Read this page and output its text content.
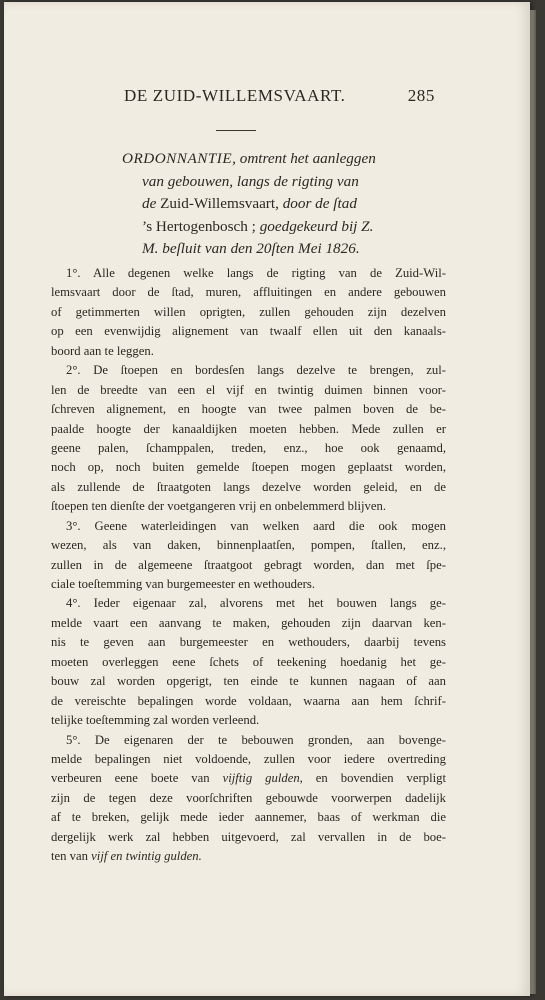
DE ZUID-WILLEMSVAART.	285
ORDONNANTIE, omtrent het aanleggen
van gebouwen, langs de rigting van
de Zuid-Willemsvaart, door de ſtad
’s Hertogenbosch ; goedgekeurd bij Z.
M. beſluit van den 20ſten Mei 1826.
1°. Alle degenen welke langs de rigting van de Zuid-Wil-
lemsvaart door de ſtad, muren, affluitingen en andere gebouwen
of getimmerten willen oprigten, zullen gehouden zijn dezelven
op een evenwijdig alignement van twaalf ellen uit den kanaals-
boord aan te leggen.
2°. De ſtoepen en bordesſen langs dezelve te brengen, zul-
len de breedte van een el vijf en twintig duimen binnen voor-
ſchreven alignement, en hoogte van twee palmen boven de be-
paalde hoogte der kanaaldijken moeten hebben. Mede zullen er
geene palen, ſchamppalen, treden, enz., hoe ook genaamd,
noch op, noch buiten gemelde ſtoepen mogen geplaatst worden,
als zullende de ſtraatgoten langs dezelve worden geleid, en de
ſtoepen ten dienſte der voetgangeren vrij en onbelemmerd blijven.
3°. Geene waterleidingen van welken aard die ook mogen
wezen, als van daken, binnenplaatſen, pompen, ſtallen, enz.,
zullen in de algemeene ſtraatgoot gebragt worden, dan met ſpe-
ciale toeſtemming van burgemeester en wethouders.
4°. Ieder eigenaar zal, alvorens met het bouwen langs ge-
melde vaart een aanvang te maken, gehouden zijn daarvan ken-
nis te geven aan burgemeester en wethouders, daarbij tevens
moeten overleggen eene ſchets of teekening hoedanig het ge-
bouw zal worden opgerigt, ten einde te kunnen nagaan of aan
de vereischte bepalingen worde voldaan, waarna aan hem ſchrif-
telijke toeſtemming zal worden verleend.
5°. De eigenaren der te bebouwen gronden, aan bovenge-
melde bepalingen niet voldoende, zullen voor iedere overtreding
verbeuren eene boete van vijftig gulden, en bovendien verpligt
zijn de tegen deze voorſchriften gebouwde voorwerpen dadelijk
af te breken, gelijk mede ieder aannemer, baas of werkman die
dergelijk werk zal hebben uitgevoerd, zal vervallen in de boe-
ten van vijf en twintig gulden.
